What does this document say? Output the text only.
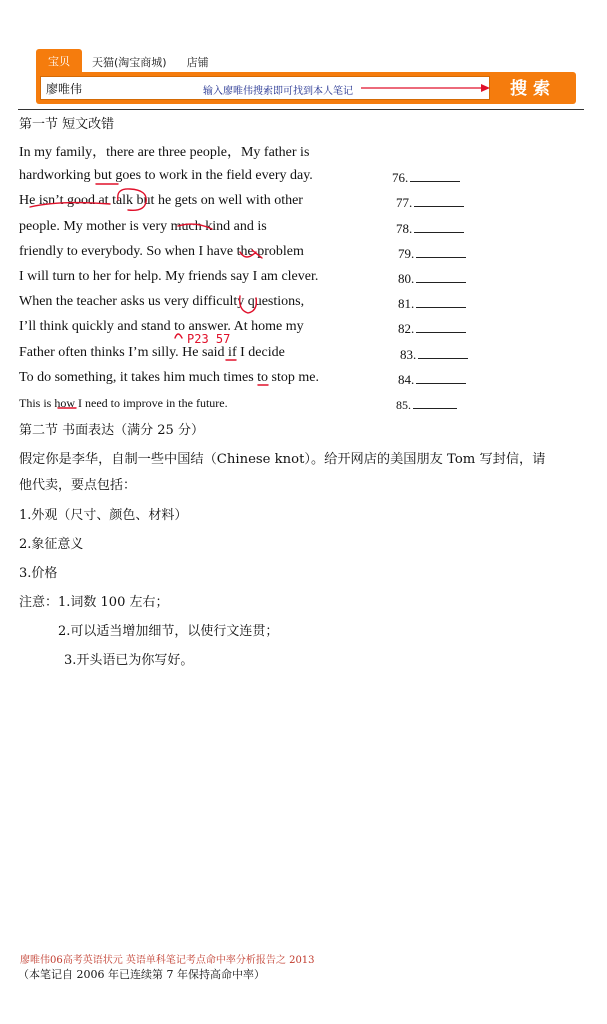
宝贝	天猫(淘宝商城)	店铺
廖唯伟	输入廖唯伟搜索即可找到本人笔记	搜索
第一节 短文改错
In my family，there are three people，My father is
hardworking but goes to work in the field every day.
He isn’t good at talk but he gets on well with other
people. My mother is very much kind and is
friendly to everybody. So when I have the problem
I will turn to her for help. My friends say I am clever.
When the teacher asks us very difficulty questions,
I’ll think quickly and stand to answer. At home my
Father often thinks I’m silly. He said if I decide
To do something, it takes him much times to stop me.
This is how I need to improve in the future.
76.
77.
78.
79.
80.
81.
82.
83.
84.
85.
P23 57
第二节 书面表达（满分 25 分）
假定你是李华，自制一些中国结（Chinese knot）。给开网店的美国朋友 Tom 写封信，请
他代卖，要点包括：
1.外观（尺寸、颜色、材料）
2.象征意义
3.价格
注意：1.词数 100 左右；
2.可以适当增加细节，以使行文连贯；
3.开头语已为你写好。
廖唯伟06高考英语状元 英语单科笔记考点命中率分析报告之 2013
（本笔记自 2006 年已连续第 7 年保持高命中率）
